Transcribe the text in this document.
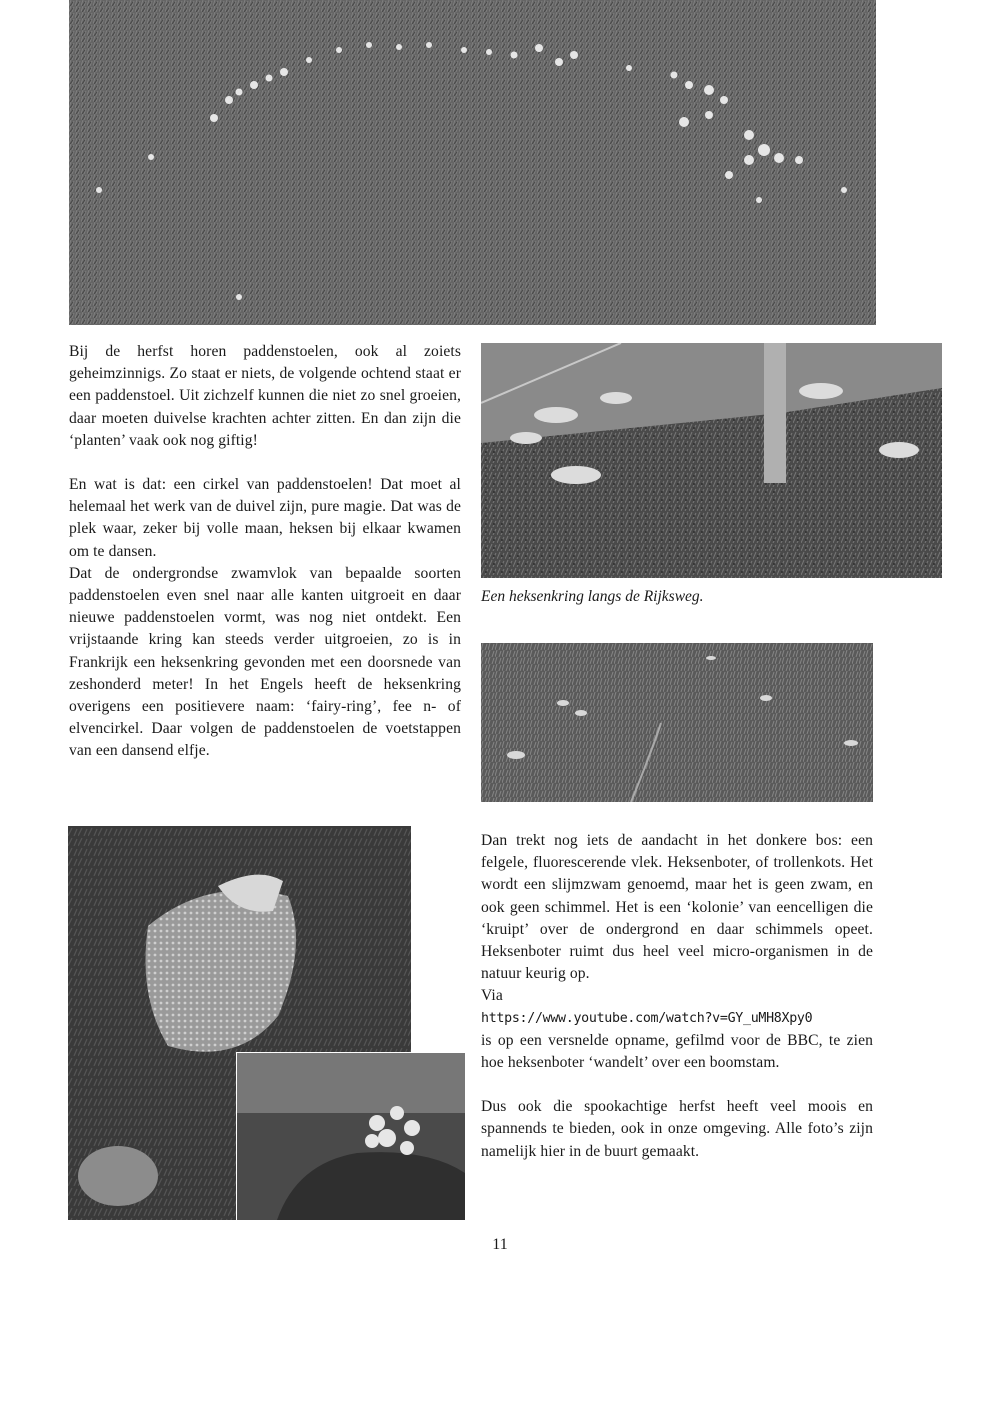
Bij de herfst horen paddenstoelen, ook al zoiets geheimzinnigs. Zo staat er niets, de volgende ochtend staat er een paddenstoel. Uit zichzelf kunnen die niet zo snel groeien, daar moeten duivelse krachten achter zitten. En dan zijn die ‘planten’ vaak ook nog giftig!

En wat is dat: een cirkel van paddenstoelen! Dat moet al helemaal het werk van de duivel zijn, pure magie. Dat was de plek waar, zeker bij volle maan, heksen bij elkaar kwamen om te dansen.

Dat de ondergrondse zwamvlok van bepaalde soorten paddenstoelen even snel naar alle kanten uitgroeit en daar nieuwe paddenstoelen vormt, was nog niet ontdekt. Een vrijstaande kring kan steeds verder uitgroeien, zo is in Frankrijk een heksenkring gevonden met een doorsnede van zeshonderd meter! In het Engels heeft de heksenkring overigens een positievere naam: ‘fairy-ring’, fee n- of elvencirkel. Daar volgen de paddenstoelen de voetstappen van een dansend elfje.

Een heksenkring langs de Rijksweg.

Dan trekt nog iets de aandacht in het donkere bos: een felgele, fluorescerende vlek. Heksenboter, of trollenkots. Het wordt een slijmzwam genoemd, maar het is geen zwam, en ook geen schimmel. Het is een ‘kolonie’ van eencelligen die ‘kruipt’ over de ondergrond en daar schimmels opeet. Heksenboter ruimt dus heel veel micro-organismen in de natuur keurig op.

Via

https://www.youtube.com/watch?v=GY_uMH8Xpy0

is op een versnelde opname, gefilmd voor de BBC, te zien hoe heksenboter ‘wandelt’ over een boomstam.

Dus ook die spookachtige herfst heeft veel moois en spannends te bieden, ook in onze omgeving. Alle foto’s zijn namelijk hier in de buurt gemaakt.

11
